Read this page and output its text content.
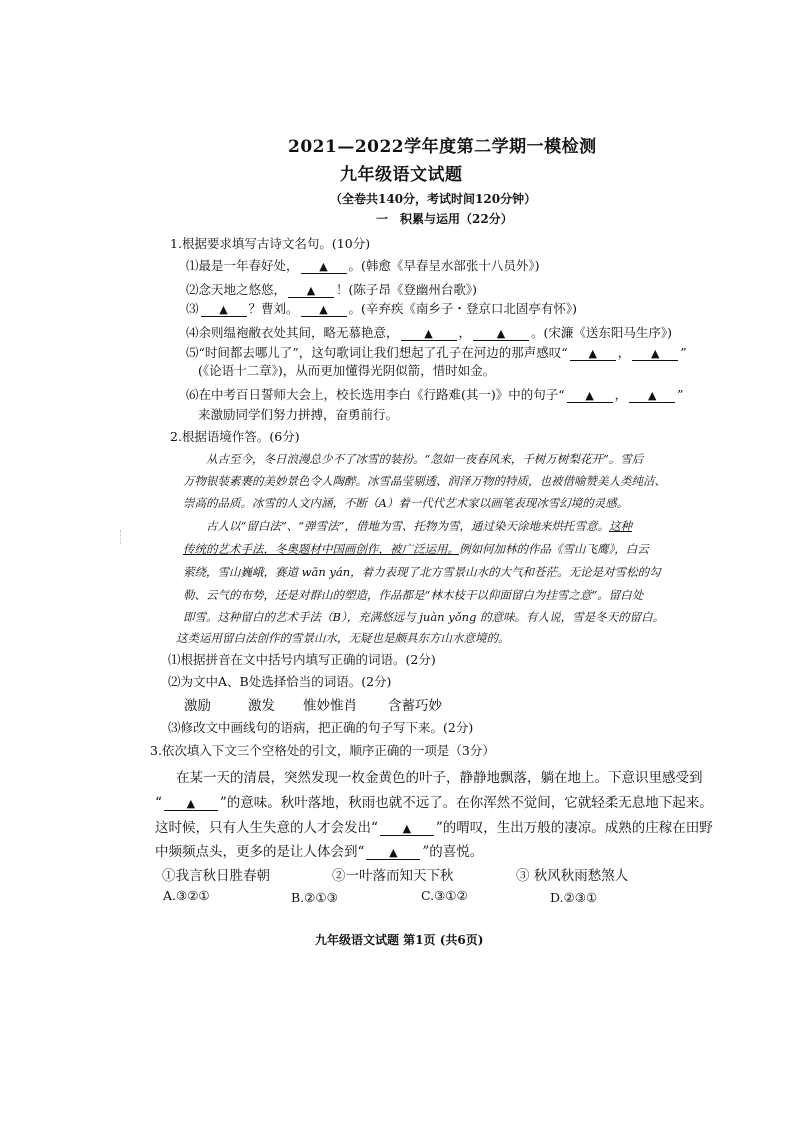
2021—2022学年度第二学期一模检测
九年级语文试题
（全卷共140分，考试时间120分钟）
一　积累与运用（22分）
1.根据要求填写古诗文名句。(10分)
⑴最是一年春好处， ▲ 。(韩愈《早春呈水部张十八员外》)
⑵念天地之悠悠， ▲ ！(陈子昂《登幽州台歌》)
⑶ ▲ ？曹刘。 ▲ 。(辛弃疾《南乡子・登京口北固亭有怀》)
⑷余则缊袍敝衣处其间，略无慕艳意， ▲ ， ▲ 。(宋濂《送东阳马生序》)
⑸“时间都去哪儿了”，这句歌词让我们想起了孔子在河边的那声感叹“ ▲ ， ▲ ”
(《论语十二章》)，从而更加懂得光阴似箭，惜时如金。
⑹在中考百日誓师大会上，校长选用李白《行路难(其一)》中的句子“ ▲ ， ▲ ”
来激励同学们努力拼搏，奋勇前行。
2.根据语境作答。(6分)
从古至今，冬日浪漫总少不了冰雪的装扮。“忽如一夜春风来，千树万树梨花开”。雪后
万物银装素裹的美妙景色令人陶醉。冰雪晶莹剔透、润泽万物的特质，也被借喻赞美人类纯洁、
崇高的品质。冰雪的人文内涵，不断（A）着一代代艺术家以画笔表现冰雪幻境的灵感。
古人以“留白法”、“弹雪法”，借地为雪、托物为雪，通过染天涂地来烘托雪意。这种
传统的艺术手法，冬奥题材中国画创作，被广泛运用。例如何加林的作品《雪山飞鹰》，白云
萦绕，雪山巍峨，赛道 wān yán，着力表现了北方雪景山水的大气和苍茫。无论是对雪松的勾
勒、云气的布势，还是对群山的塑造，作品都是“林木枝干以仰面留白为挂雪之意”。留白处
即雪。这种留白的艺术手法（B），充满悠远与 juàn yǒng 的意味。有人说，雪是冬天的留白。
这类运用留白法创作的雪景山水，无疑也是颇具东方山水意境的。
⑴根据拼音在文中括号内填写正确的词语。(2分)
⑵为文中A、B处选择恰当的词语。(2分)
激励	激发 惟妙惟肖 含蓄巧妙
⑶修改文中画线句的语病，把正确的句子写下来。(2分)
3.依次填入下文三个空格处的引文，顺序正确的一项是（3分）
在某一天的清晨，突然发现一枚金黄色的叶子，静静地飘落，躺在地上。下意识里感受到
“ ▲ ”的意味。秋叶落地，秋雨也就不远了。在你浑然不觉间，它就轻柔无息地下起来。
这时候，只有人生失意的人才会发出“ ▲ ”的喟叹，生出万般的凄凉。成熟的庄稼在田野
中频频点头，更多的是让人体会到“ ▲ ”的喜悦。
①我言秋日胜春朝	②一叶落而知天下秋	③ 秋风秋雨愁煞人
A.③②①	B.②①③	C.③①②	D.②③①
九年级语文试题 第1页 (共6页)
